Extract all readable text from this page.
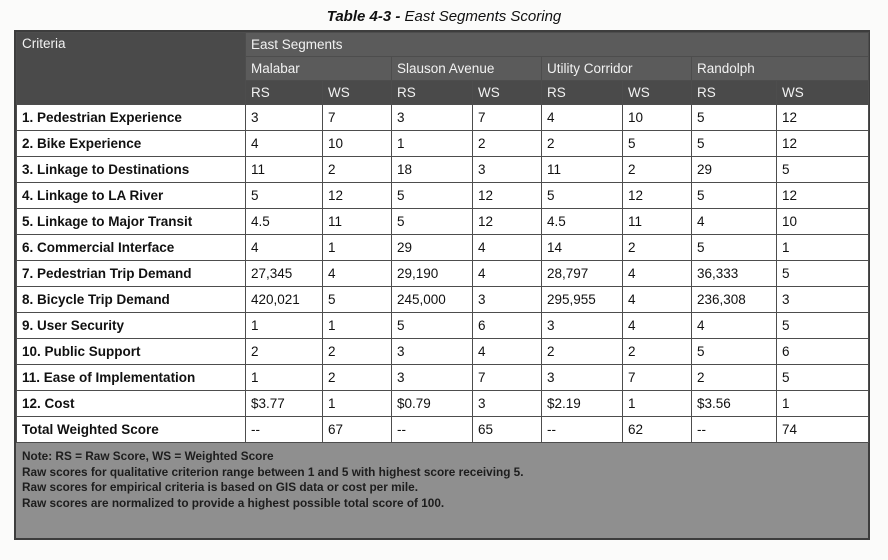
Table 4-3 - East Segments Scoring
Criteria	East Segments							
	Malabar		Slauson Avenue		Utility Corridor		Randolph	
	RS	WS	RS	WS	RS	WS	RS	WS
1. Pedestrian Experience	3	7	3	7	4	10	5	12
2. Bike Experience	4	10	1	2	2	5	5	12
3. Linkage to Destinations	11	2	18	3	11	2	29	5
4. Linkage to LA River	5	12	5	12	5	12	5	12
5. Linkage to Major Transit	4.5	11	5	12	4.5	11	4	10
6. Commercial Interface	4	1	29	4	14	2	5	1
7. Pedestrian Trip Demand	27,345	4	29,190	4	28,797	4	36,333	5
8. Bicycle Trip Demand	420,021	5	245,000	3	295,955	4	236,308	3
9. User Security	1	1	5	6	3	4	4	5
10. Public Support	2	2	3	4	2	2	5	6
11. Ease of Implementation	1	2	3	7	3	7	2	5
12. Cost	$3.77	1	$0.79	3	$2.19	1	$3.56	1
Total Weighted Score	--	67	--	65	--	62	--	74
Note: RS = Raw Score, WS = Weighted Score
Raw scores for qualitative criterion range between 1 and 5 with highest score receiving 5.
Raw scores for empirical criteria is based on GIS data or cost per mile.
Raw scores are normalized to provide a highest possible total score of 100.
